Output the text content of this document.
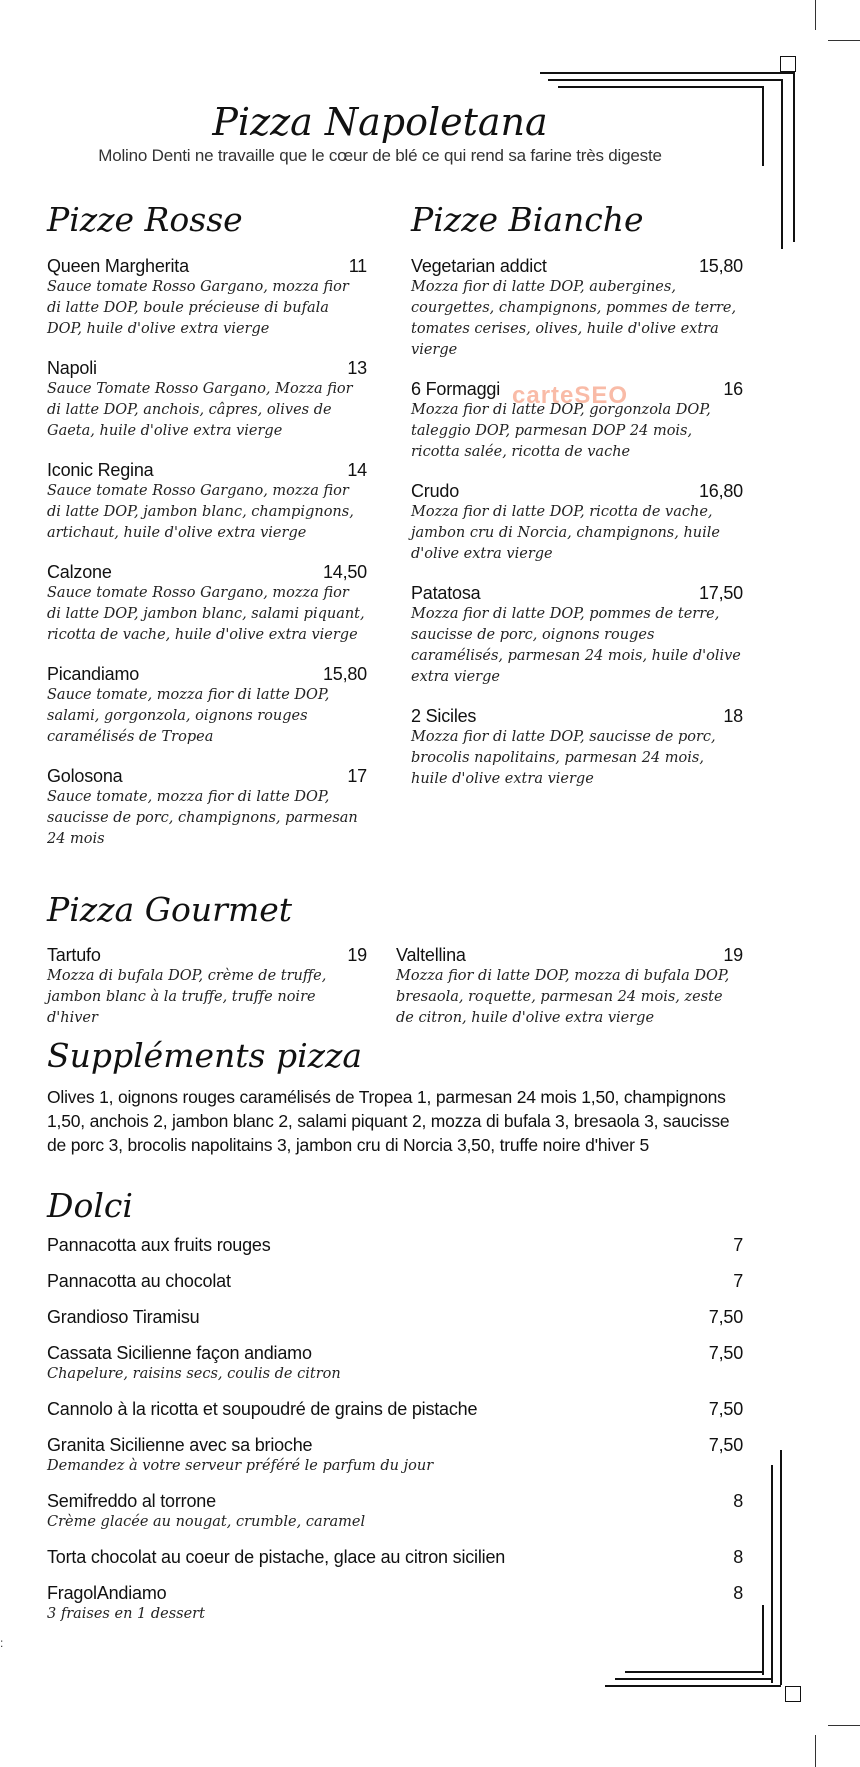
:
Pizza Napoletana
Molino Denti ne travaille que le cœur de blé ce qui rend sa farine très digeste
carteSEO
Pizze Rosse
Queen Margherita	11
Sauce tomate Rosso Gargano, mozza fior di latte DOP, boule précieuse di bufala DOP, huile d'olive extra vierge
Napoli	13
Sauce Tomate Rosso Gargano, Mozza fior di latte DOP, anchois, câpres, olives de Gaeta, huile d'olive extra vierge
Iconic Regina	14
Sauce tomate Rosso Gargano, mozza fior di latte DOP, jambon blanc, champignons, artichaut, huile d'olive extra vierge
Calzone	14,50
Sauce tomate Rosso Gargano, mozza fior di latte DOP, jambon blanc, salami piquant, ricotta de vache, huile d'olive extra vierge
Picandiamo	15,80
Sauce tomate, mozza fior di latte DOP, salami, gorgonzola, oignons rouges caramélisés de Tropea
Golosona	17
Sauce tomate, mozza fior di latte DOP, saucisse de porc, champignons, parmesan 24 mois
Pizze Bianche
Vegetarian addict	15,80
Mozza fior di latte DOP, aubergines, courgettes, champignons, pommes de terre, tomates cerises, olives, huile d'olive extra vierge
6 Formaggi	16
Mozza fior di latte DOP, gorgonzola DOP, taleggio DOP, parmesan DOP 24 mois, ricotta salée, ricotta de vache
Crudo	16,80
Mozza fior di latte DOP, ricotta de vache, jambon cru di Norcia, champignons, huile d'olive extra vierge
Patatosa	17,50
Mozza fior di latte DOP, pommes de terre, saucisse de porc, oignons rouges caramélisés, parmesan 24 mois, huile d'olive extra vierge
2 Siciles	18
Mozza fior di latte DOP, saucisse de porc, brocolis napolitains, parmesan 24 mois, huile d'olive extra vierge
Pizza Gourmet
Tartufo	19
Mozza di bufala DOP, crème de truffe, jambon blanc à la truffe, truffe noire d'hiver
Valtellina	19
Mozza fior di latte DOP, mozza di bufala DOP, bresaola, roquette, parmesan 24 mois, zeste de citron, huile d'olive extra vierge
Suppléments pizza
Olives 1, oignons rouges caramélisés de Tropea 1, parmesan 24 mois 1,50, champignons 1,50, anchois 2, jambon blanc 2, salami piquant 2, mozza di bufala 3, bresaola 3, saucisse de porc 3, brocolis napolitains 3, jambon cru di Norcia 3,50, truffe noire d'hiver 5
Dolci
Pannacotta aux fruits rouges	7
Pannacotta au chocolat	7
Grandioso Tiramisu	7,50
Cassata Sicilienne façon andiamo	7,50
Chapelure, raisins secs, coulis de citron
Cannolo à la ricotta et soupoudré de grains de pistache	7,50
Granita Sicilienne avec sa brioche	7,50
Demandez à votre serveur préféré le parfum du jour
Semifreddo al torrone	8
Crème glacée au nougat, crumble, caramel
Torta chocolat au coeur de pistache, glace au citron sicilien	8
FragolAndiamo	8
3 fraises en 1 dessert
